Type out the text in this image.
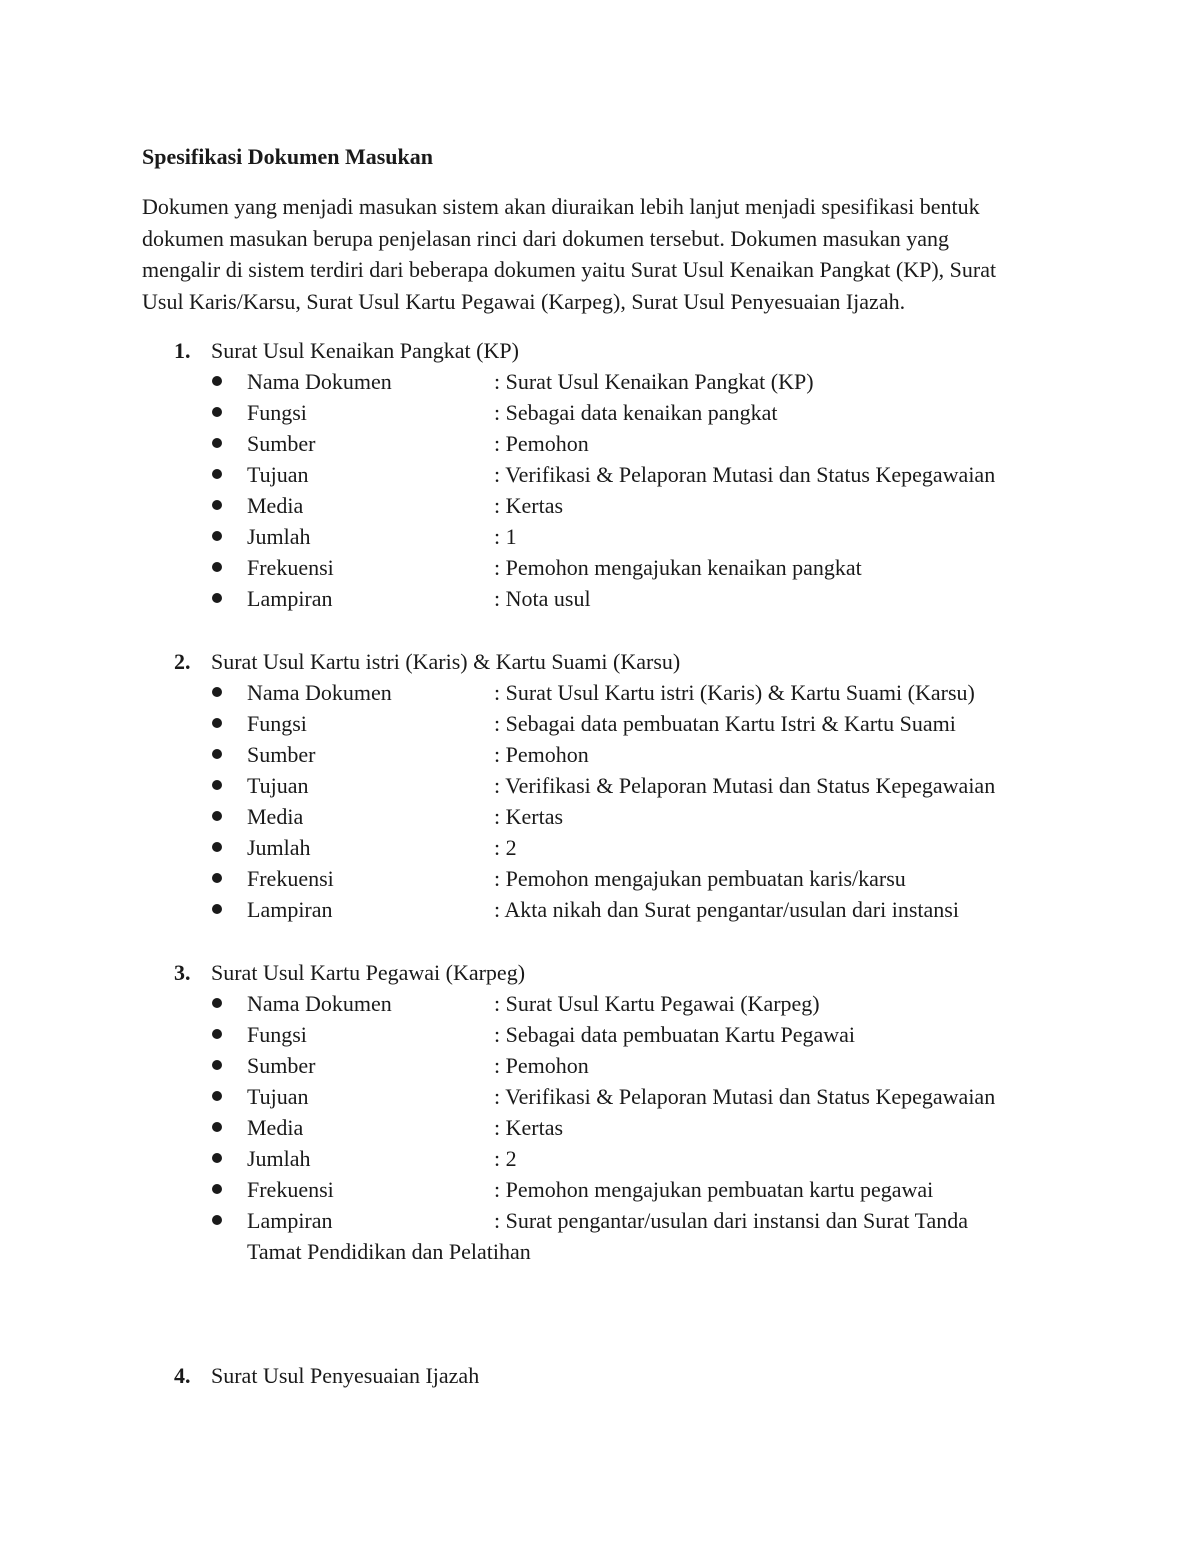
Spesifikasi Dokumen Masukan
Dokumen yang menjadi masukan sistem akan diuraikan lebih lanjut menjadi spesifikasi bentuk
dokumen masukan berupa penjelasan rinci dari dokumen tersebut. Dokumen masukan yang
mengalir di sistem terdiri dari beberapa dokumen yaitu Surat Usul Kenaikan Pangkat (KP), Surat
Usul Karis/Karsu, Surat Usul Kartu Pegawai (Karpeg), Surat Usul Penyesuaian Ijazah.
1. Surat Usul Kenaikan Pangkat (KP)
Nama Dokumen	: Surat Usul Kenaikan Pangkat (KP)
Fungsi	: Sebagai data kenaikan pangkat
Sumber	: Pemohon
Tujuan	: Verifikasi & Pelaporan Mutasi dan Status Kepegawaian
Media	: Kertas
Jumlah	: 1
Frekuensi	: Pemohon mengajukan kenaikan pangkat
Lampiran	: Nota usul
2. Surat Usul Kartu istri (Karis) & Kartu Suami (Karsu)
Nama Dokumen	: Surat Usul Kartu istri (Karis) & Kartu Suami (Karsu)
Fungsi	: Sebagai data pembuatan Kartu Istri & Kartu Suami
Sumber	: Pemohon
Tujuan	: Verifikasi & Pelaporan Mutasi dan Status Kepegawaian
Media	: Kertas
Jumlah	: 2
Frekuensi	: Pemohon mengajukan pembuatan karis/karsu
Lampiran	: Akta nikah dan Surat pengantar/usulan dari instansi
3. Surat Usul Kartu Pegawai (Karpeg)
Nama Dokumen	: Surat Usul Kartu Pegawai (Karpeg)
Fungsi	: Sebagai data pembuatan Kartu Pegawai
Sumber	: Pemohon
Tujuan	: Verifikasi & Pelaporan Mutasi dan Status Kepegawaian
Media	: Kertas
Jumlah	: 2
Frekuensi	: Pemohon mengajukan pembuatan kartu pegawai
Lampiran	: Surat pengantar/usulan dari instansi dan Surat Tanda
Tamat Pendidikan dan Pelatihan
4. Surat Usul Penyesuaian Ijazah
